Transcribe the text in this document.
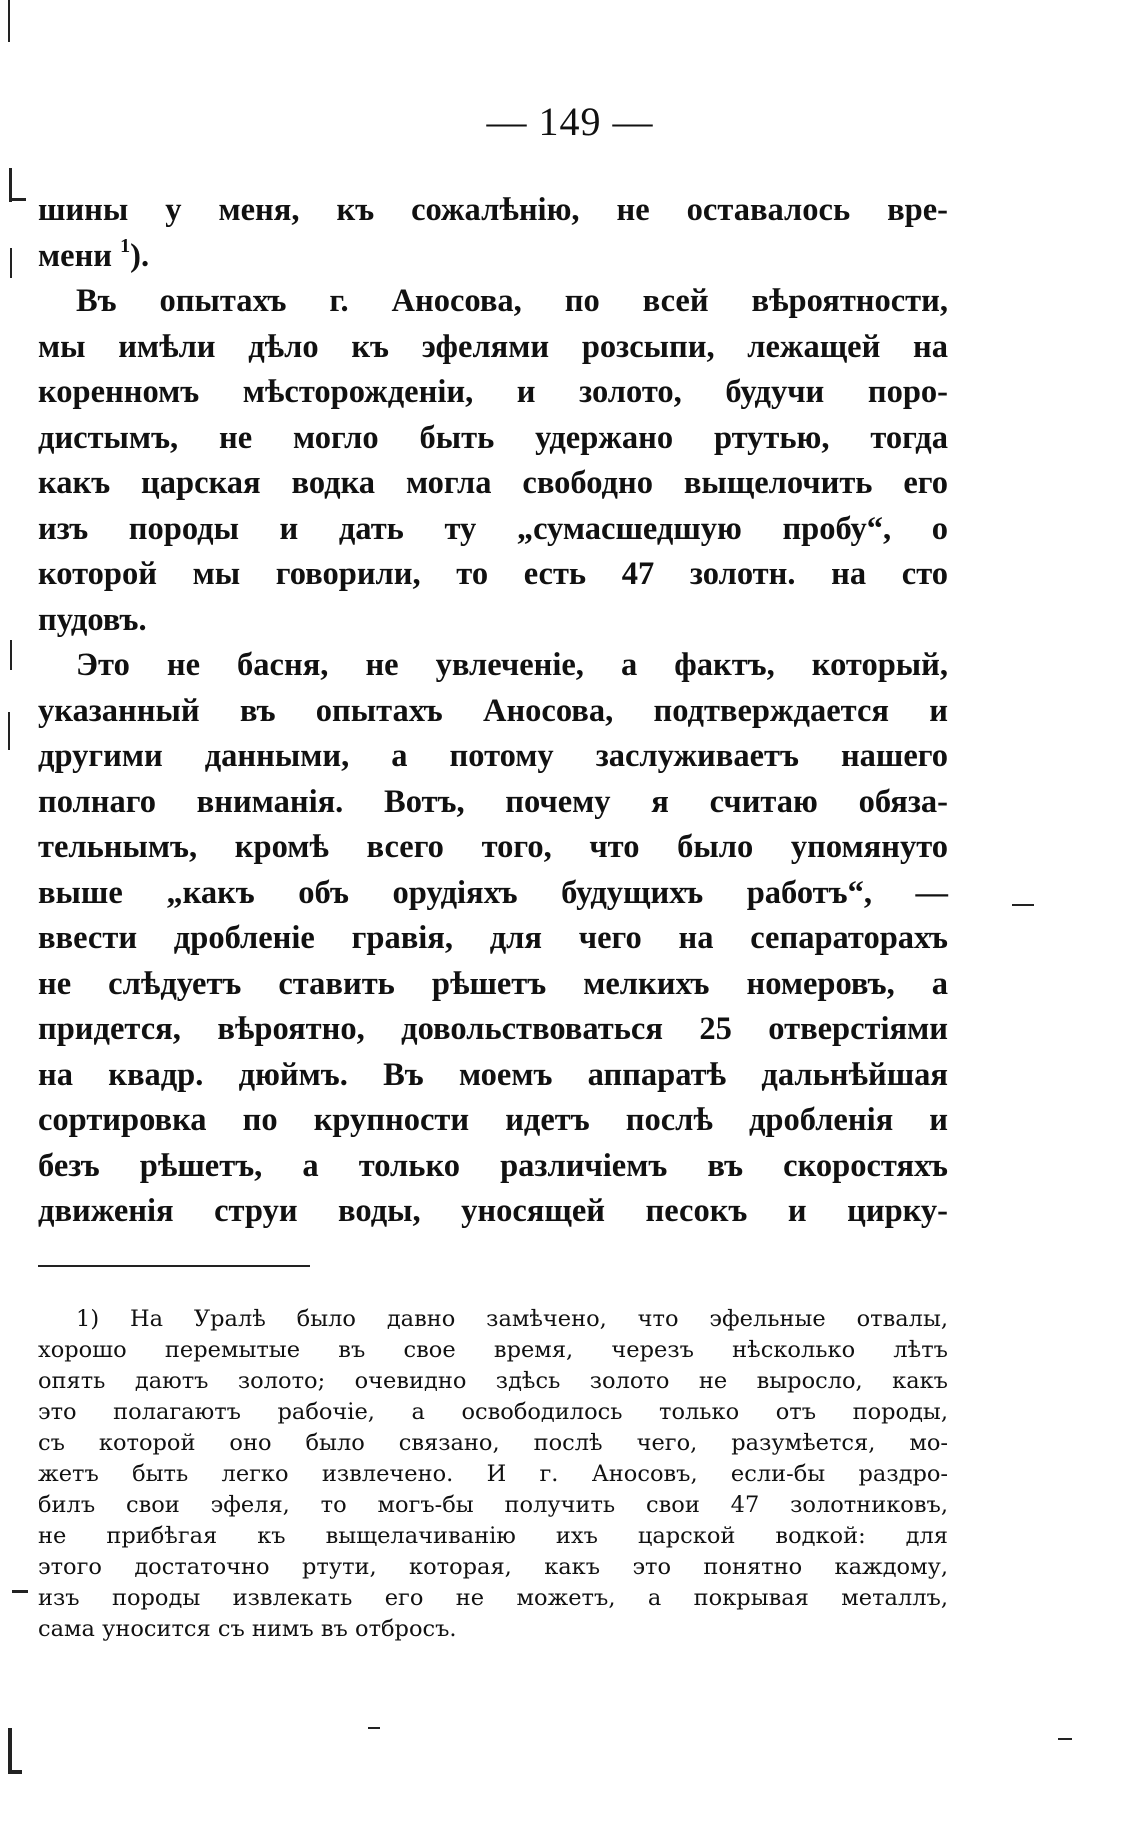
— 149 —
шины у меня, къ сожалѣнію, не оставалось вре-
мени $^1$).
Въ опытахъ г. Аносова, по всей вѣроятности,
мы имѣли дѣло къ эфелями розсыпи, лежащей на
коренномъ мѣсторожденіи, и золото, будучи поро-
дистымъ, не могло быть удержано ртутью, тогда
какъ царская водка могла свободно выщелочить его
изъ породы и дать ту „сумасшедшую пробу“, о
которой мы говорили, то есть 47 золотн. на сто
пудовъ.
Это не басня, не увлеченіе, а фактъ, который,
указанный въ опытахъ Аносова, подтверждается и
другими данными, а потому заслуживаетъ нашего
полнаго вниманія. Вотъ, почему я считаю обяза-
тельнымъ, кромѣ всего того, что было упомянуто
выше „какъ объ орудіяхъ будущихъ работъ“, —
ввести дробленіе гравія, для чего на сепараторахъ
не слѣдуетъ ставить рѣшетъ мелкихъ номеровъ, а
придется, вѣроятно, довольствоваться 25 отверстіями
на квадр. дюймъ. Въ моемъ аппаратѣ дальнѣйшая
сортировка по крупности идетъ послѣ дробленія и
безъ рѣшетъ, а только различіемъ въ скоростяхъ
движенія струи воды, уносящей песокъ и цирку-
1) На Уралѣ было давно замѣчено, что эфельные отвалы,
хорошо перемытые въ свое время, черезъ нѣсколько лѣтъ
опять даютъ золото; очевидно здѣсь золото не выросло, какъ
это полагаютъ рабочіе, а освободилось только отъ породы,
съ которой оно было связано, послѣ чего, разумѣется, мо-
жетъ быть легко извлечено. И г. Аносовъ, если-бы раздро-
билъ свои эфеля, то могъ-бы получить свои 47 золотниковъ,
не прибѣгая къ выщелачиванію ихъ царской водкой: для
этого достаточно ртути, которая, какъ это понятно каждому,
изъ породы извлекать его не можетъ, а покрывая металлъ,
сама уносится съ нимъ въ отбросъ.
